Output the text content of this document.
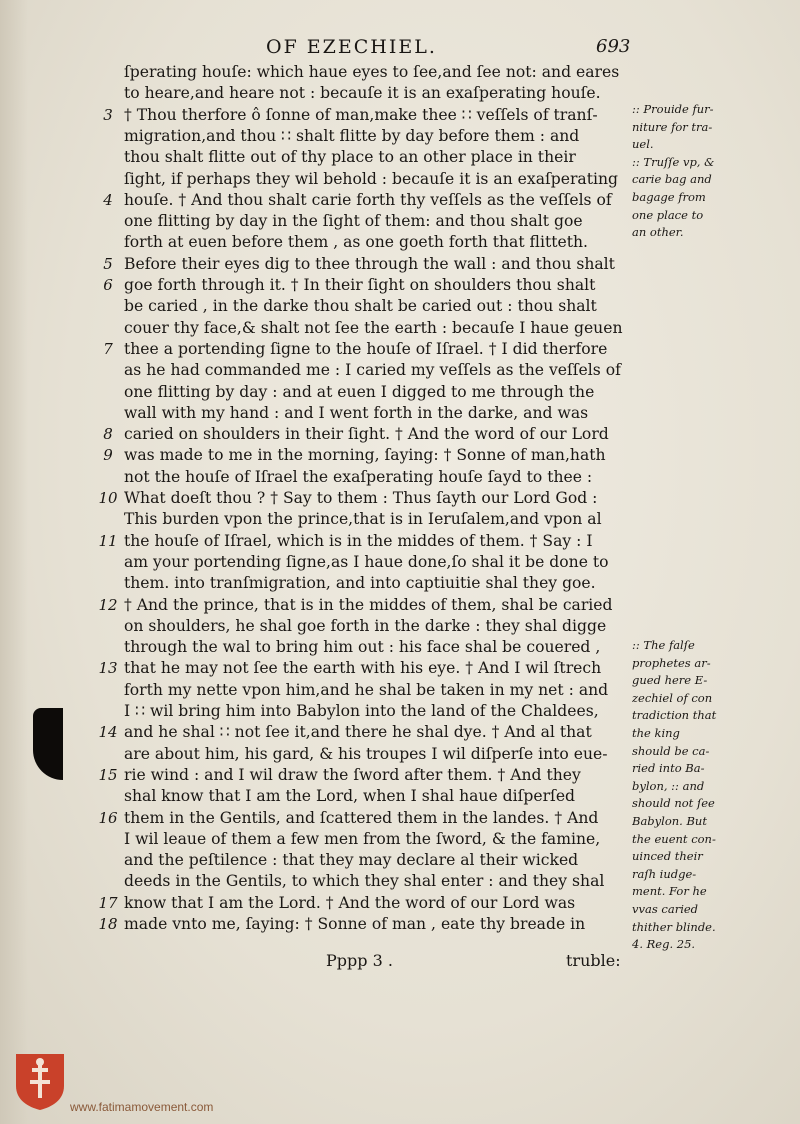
OF EZECHIEL.	693
ſperating houſe: which haue eyes to ſee,and ſee not: and eares
to heare,and heare not : becauſe it is an exaſperating houſe.
3 † Thou therfore ô ſonne of man,make thee ∷ veſſels of tranſ-
migration,and thou ∷ shalt flitte by day before them : and
thou shalt flitte out of thy place to an other place in their
ſight, if perhaps they wil behold : becauſe it is an exaſperating
4 houſe. † And thou shalt carie forth thy veſſels as the veſſels of
one flitting by day in the ſight of them: and thou shalt goe
forth at euen before them , as one goeth forth that flitteth.
5 Before their eyes dig to thee through the wall : and thou shalt
6 goe forth through it. † In their ſight on shoulders thou shalt
be caried , in the darke thou shalt be caried out : thou shalt
couer thy face,& shalt not ſee the earth : becauſe I haue geuen
7 thee a portending ſigne to the houſe of Iſrael. † I did therfore
as he had commanded me : I caried my veſſels as the veſſels of
one flitting by day : and at euen I digged to me through the
wall with my hand : and I went forth in the darke, and was
8 caried on shoulders in their ſight. † And the word of our Lord
9 was made to me in the morning, ſaying: † Sonne of man,hath
not the houſe of Iſrael the exaſperating houſe ſayd to thee :
10 What doeſt thou ? † Say to them : Thus ſayth our Lord God :
This burden vpon the prince,that is in Ieruſalem,and vpon al
11 the houſe of Iſrael, which is in the middes of them. † Say : I
am your portending ſigne,as I haue done,ſo shal it be done to
them. into tranſmigration, and into captiuitie shal they goe.
12 † And the prince, that is in the middes of them, shal be caried
on shoulders, he shal goe forth in the darke : they shal digge
through the wal to bring him out : his face shal be couered ,
13 that he may not ſee the earth with his eye. † And I wil ſtrech
forth my nette vpon him,and he shal be taken in my net : and
I ∷ wil bring him into Babylon into the land of the Chaldees,
14 and he shal ∷ not ſee it,and there he shal dye. † And al that
are about him, his gard, & his troupes I wil diſperſe into eue-
15 rie wind : and I wil draw the ſword after them. † And they
shal know that I am the Lord, when I shal haue diſperſed
16 them in the Gentils, and ſcattered them in the landes. † And
I wil leaue of them a few men from the ſword, & the famine,
and the peſtilence : that they may declare al their wicked
deeds in the Gentils, to which they shal enter : and they shal
17 know that I am the Lord. † And the word of our Lord was
18 made vnto me, ſaying: † Sonne of man , eate thy breade in
:: Prouide fur-
niture for tra-
uel.
:: Truſſe vp, &
carie bag and
bagage from
one place to
an other.
:: The falſe
prophetes ar-
gued here E-
zechiel of con
tradiction that
the king
should be ca-
ried into Ba-
bylon, :: and
should not ſee
Babylon. But
the euent con-
uinced their
raſh iudge-
ment. For he
vvas caried
thither blinde.
4. Reg. 25.
Pppp 3 .	truble:
www.fatimamovement.com
